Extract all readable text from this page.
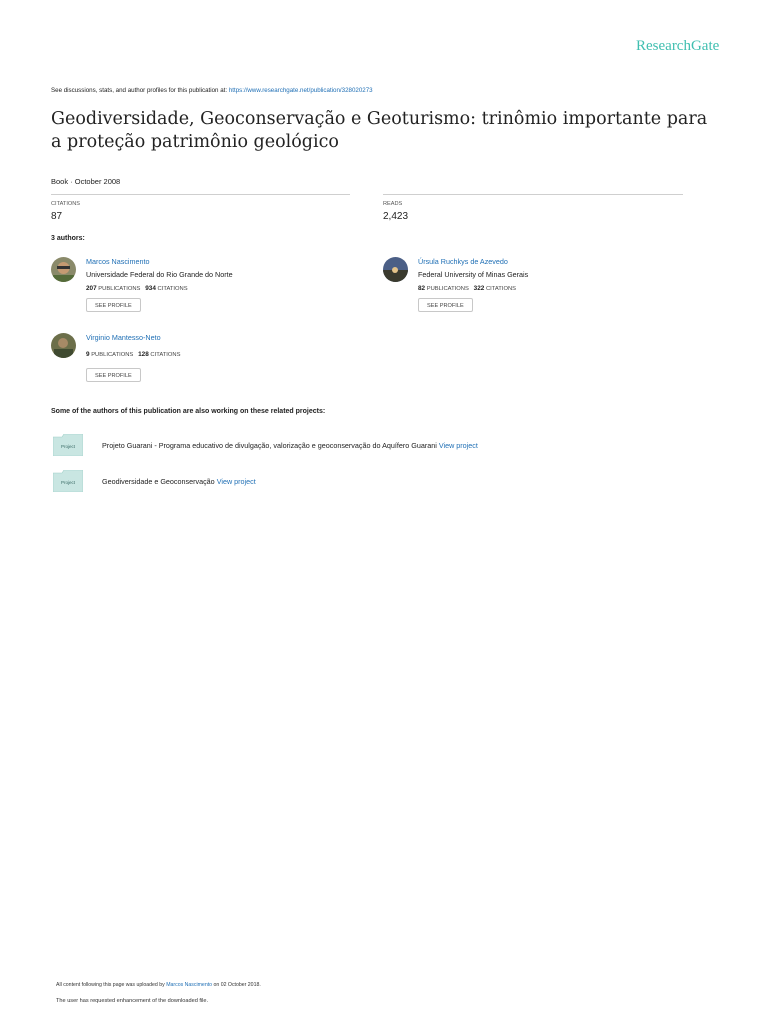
ResearchGate
See discussions, stats, and author profiles for this publication at: https://www.researchgate.net/publication/328020273
Geodiversidade, Geoconservação e Geoturismo: trinômio importante para a proteção patrimônio geológico
Book · October 2008
CITATIONS
87
READS
2,423
3 authors:
Marcos Nascimento
Universidade Federal do Rio Grande do Norte
207 PUBLICATIONS 934 CITATIONS
SEE PROFILE
Úrsula Ruchkys de Azevedo
Federal University of Minas Gerais
82 PUBLICATIONS 322 CITATIONS
SEE PROFILE
Virginio Mantesso-Neto
9 PUBLICATIONS 128 CITATIONS
SEE PROFILE
Some of the authors of this publication are also working on these related projects:
Project	Projeto Guarani - Programa educativo de divulgação, valorização e geoconservação do Aquífero Guarani View project
Project	Geodiversidade e Geoconservação View project
All content following this page was uploaded by Marcos Nascimento on 02 October 2018.
The user has requested enhancement of the downloaded file.
